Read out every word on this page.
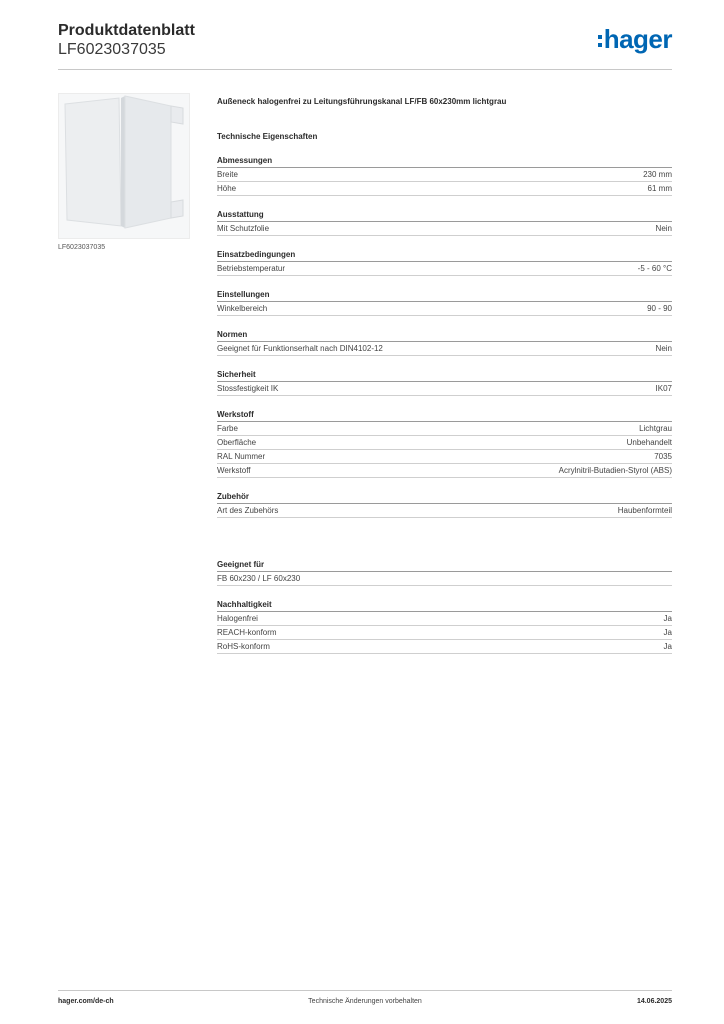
Produktdatenblatt
LF6023037035	hager
LF6023037035
Außeneck halogenfrei zu Leitungsführungskanal LF/FB 60x230mm lichtgrau
Technische Eigenschaften
Abmessungen
Breite	230 mm
Höhe	61 mm
Ausstattung
Mit Schutzfolie	Nein
Einsatzbedingungen
Betriebstemperatur	-5 - 60 °C
Einstellungen
Winkelbereich	90 - 90
Normen
Geeignet für Funktionserhalt nach DIN4102-12	Nein
Sicherheit
Stossfestigkeit IK	IK07
Werkstoff
Farbe	Lichtgrau
Oberfläche	Unbehandelt
RAL Nummer	7035
Werkstoff	Acrylnitril-Butadien-Styrol (ABS)
Zubehör
Art des Zubehörs	Haubenformteil
Geeignet für
FB 60x230 / LF 60x230
Nachhaltigkeit
Halogenfrei	Ja
REACH-konform	Ja
RoHS-konform	Ja
hager.com/de-ch	Technische Änderungen vorbehalten	14.06.2025
